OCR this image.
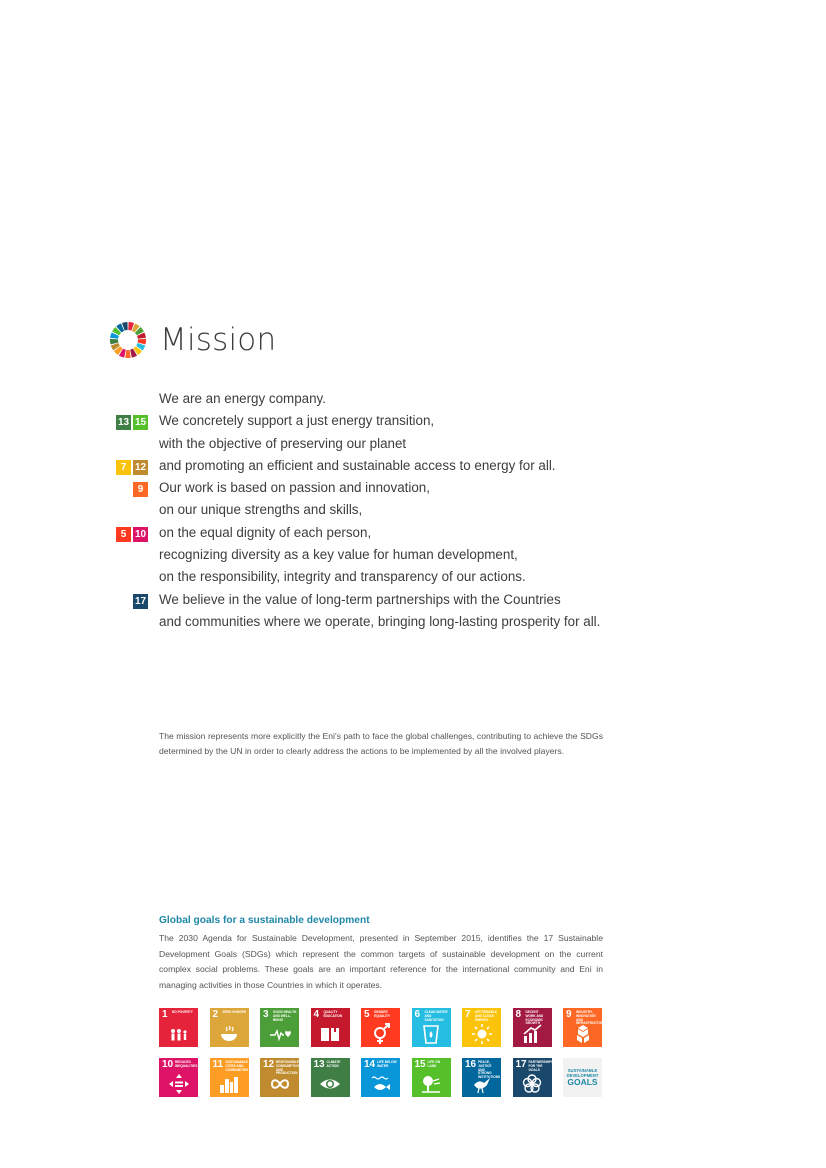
Mission
We are an energy company.
13 15 We concretely support a just energy transition,
with the objective of preserving our planet
7 12 and promoting an efficient and sustainable access to energy for all.
9	Our work is based on passion and innovation,
on our unique strengths and skills,
5 10 on the equal dignity of each person,
recognizing diversity as a key value for human development,
on the responsibility, integrity and transparency of our actions.
17 We believe in the value of long-term partnerships with the Countries
and communities where we operate, bringing long-lasting prosperity for all.
The mission represents more explicitly the Eni's path to face the global challenges, contributing to achieve the SDGs determined by the UN in order to clearly address the actions to be implemented by all the involved players.
Global goals for a sustainable development
The 2030 Agenda for Sustainable Development, presented in September 2015, identifies the 17 Sustainable Development Goals (SDGs) which represent the common targets of sustainable development on the current complex social problems. These goals are an important reference for the international community and Eni in managing activities in those Countries in which it operates.
1 NO POVERTY	2 ZERO HUNGER 3 GOOD HEALTH AND WELL-BEING	4 QUALITY EDUCATION	5 GENDER EQUALITY	6 CLEAN WATER AND SANITATION	7 AFFORDABLE AND CLEAN ENERGY	8 DECENT WORK AND ECONOMIC GROWTH
9 INDUSTRY, INNOVATION AND INFRASTRUCTURE
10 REDUCED INEQUALITIES 11 SUSTAINABLE CITIES AND COMMUNITIES 12 RESPONSIBLE CONSUMPTION AND PRODUCTION
13 CLIMATE ACTION	14 LIFE BELOW WATER	15 LIFE ON LAND	16 PEACE, JUSTICE AND STRONG INSTITUTIONS
17 PARTNERSHIPS FOR THE GOALS	SUSTAINABLE DEVELOPMENT
GOALS
